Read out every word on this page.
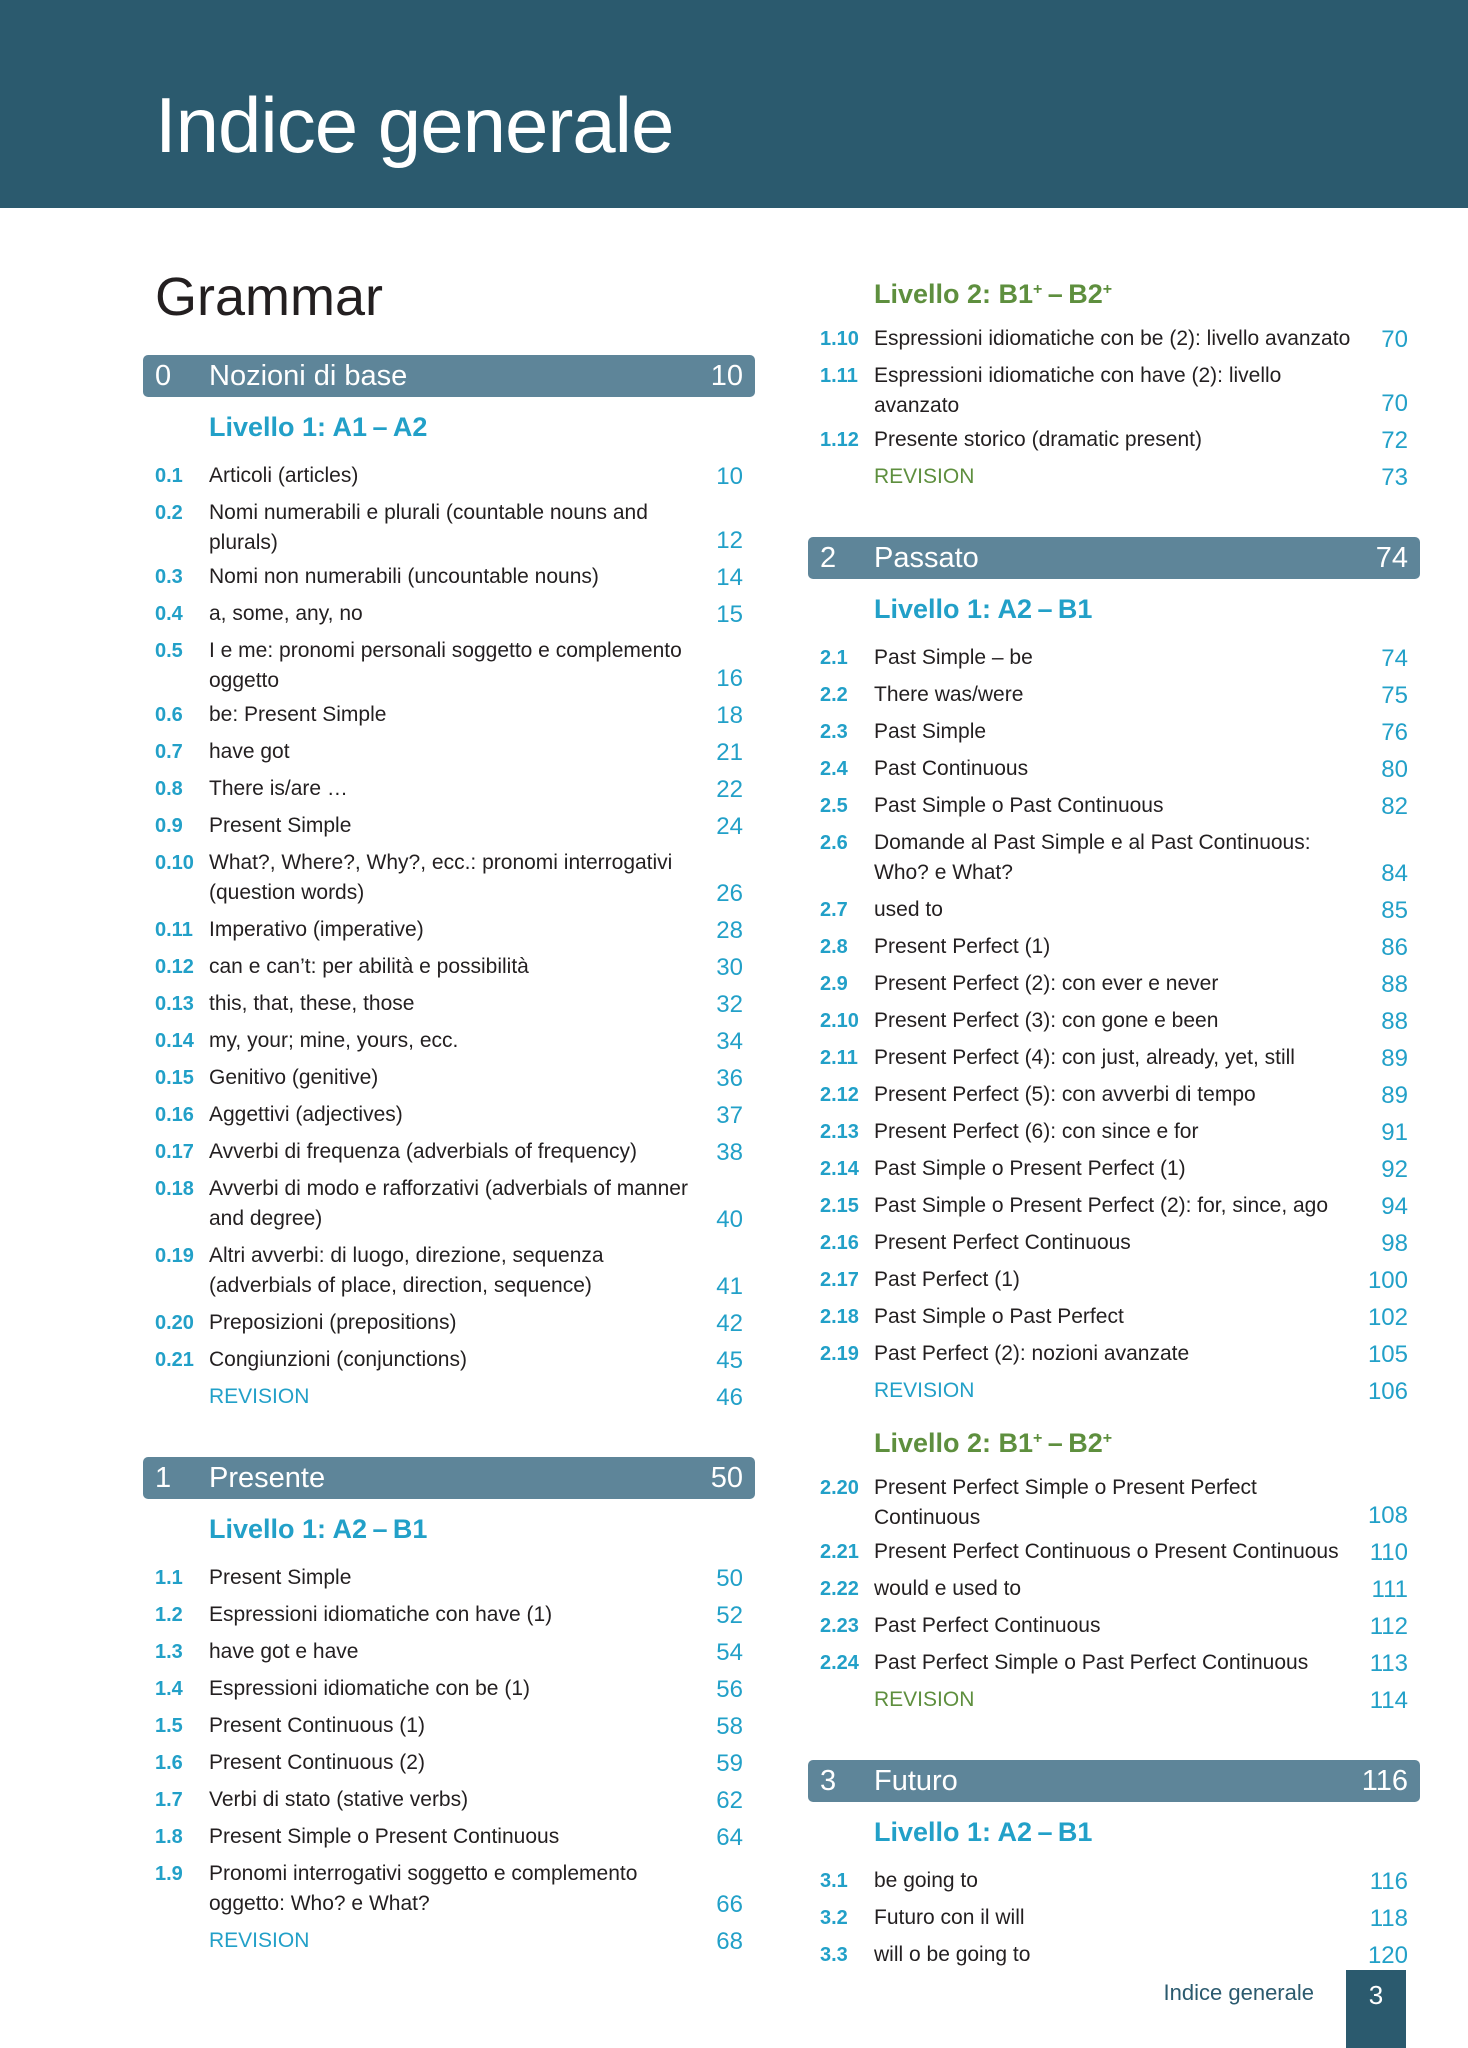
Indice generale
Grammar
0 Nozioni di base	10
Livello 1: A1 – A2
0.1 Articoli (articles)	10
0.2 Nomi numerabili e plurali (countable nouns and plurals)	12
0.3 Nomi non numerabili (uncountable nouns)	14
0.4 a, some, any, no	15
0.5 I e me: pronomi personali soggetto e complemento oggetto	16
0.6 be: Present Simple	18
0.7 have got	21
0.8 There is/are …	22
0.9 Present Simple	24
0.10 What?, Where?, Why?, ecc.: pronomi interrogativi (question words)	26
0.11 Imperativo (imperative)	28
0.12 can e can’t: per abilità e possibilità	30
0.13 this, that, these, those	32
0.14 my, your; mine, yours, ecc.	34
0.15 Genitivo (genitive)	36
0.16 Aggettivi (adjectives)	37
0.17 Avverbi di frequenza (adverbials of frequency)	38
0.18 Avverbi di modo e rafforzativi (adverbials of manner and degree)	40
0.19 Altri avverbi: di luogo, direzione, sequenza (adverbials of place, direction, sequence)	41
0.20 Preposizioni (prepositions)	42
0.21 Congiunzioni (conjunctions)	45
REVISION	46
1 Presente	50
Livello 1: A2 – B1
1.1 Present Simple	50
1.2 Espressioni idiomatiche con have (1)	52
1.3 have got e have	54
1.4 Espressioni idiomatiche con be (1)	56
1.5 Present Continuous (1)	58
1.6 Present Continuous (2)	59
1.7 Verbi di stato (stative verbs)	62
1.8 Present Simple o Present Continuous	64
1.9 Pronomi interrogativi soggetto e complemento oggetto: Who? e What?	66
REVISION	68
Livello 2: B1+ – B2+
1.10 Espressioni idiomatiche con be (2): livello avanzato	70
1.11 Espressioni idiomatiche con have (2): livello avanzato	70
1.12 Presente storico (dramatic present)	72
REVISION	73
2 Passato	74
Livello 1: A2 – B1
2.1 Past Simple – be	74
2.2 There was/were	75
2.3 Past Simple	76
2.4 Past Continuous	80
2.5 Past Simple o Past Continuous	82
2.6 Domande al Past Simple e al Past Continuous: Who? e What?	84
2.7 used to	85
2.8 Present Perfect (1)	86
2.9 Present Perfect (2): con ever e never	88
2.10 Present Perfect (3): con gone e been	88
2.11 Present Perfect (4): con just, already, yet, still	89
2.12 Present Perfect (5): con avverbi di tempo	89
2.13 Present Perfect (6): con since e for	91
2.14 Past Simple o Present Perfect (1)	92
2.15 Past Simple o Present Perfect (2): for, since, ago	94
2.16 Present Perfect Continuous	98
2.17 Past Perfect (1)	100
2.18 Past Simple o Past Perfect	102
2.19 Past Perfect (2): nozioni avanzate	105
REVISION	106
Livello 2: B1+ – B2+
2.20 Present Perfect Simple o Present Perfect Continuous	108
2.21 Present Perfect Continuous o Present Continuous	110
2.22 would e used to	111
2.23 Past Perfect Continuous	112
2.24 Past Perfect Simple o Past Perfect Continuous	113
REVISION	114
3 Futuro	116
Livello 1: A2 – B1
3.1 be going to	116
3.2 Futuro con il will	118
3.3 will o be going to	120
Indice generale	3
